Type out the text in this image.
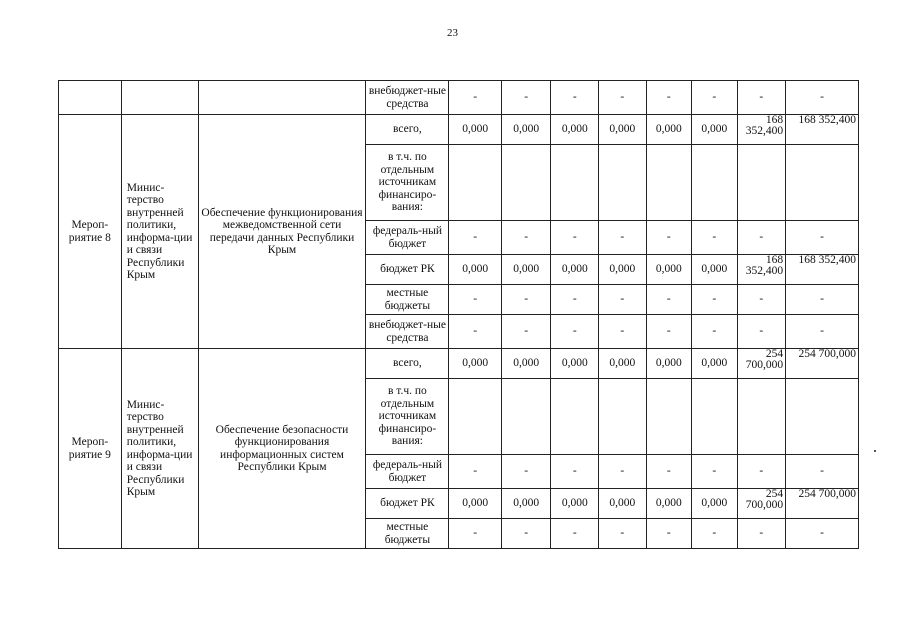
23
			внебюджет-ные средства	-	-	-	-	-	-	-	-
Мероп-риятие 8	Минис-терство внутренней политики, информа-ции и связи Республики Крым	Обеспечение функционирования межведомственной сети передачи данных Республики Крым	всего,	0,000	0,000	0,000	0,000	0,000	0,000	168 352,400	168 352,400
			в т.ч. по отдельным источникам финансиро-вания:								
			федераль-ный бюджет	-	-	-	-	-	-	-	-
			бюджет РК	0,000	0,000	0,000	0,000	0,000	0,000	168 352,400	168 352,400
			местные бюджеты	-	-	-	-	-	-	-	-
			внебюджет-ные средства	-	-	-	-	-	-	-	-
Мероп-риятие 9	Минис-терство внутренней политики, информа-ции и связи Республики Крым	Обеспечение безопасности функционирования информационных систем Республики Крым	всего,	0,000	0,000	0,000	0,000	0,000	0,000	254 700,000	254 700,000
			в т.ч. по отдельным источникам финансиро-вания:								
			федераль-ный бюджет	-	-	-	-	-	-	-	-
			бюджет РК	0,000	0,000	0,000	0,000	0,000	0,000	254 700,000	254 700,000
			местные бюджеты	-	-	-	-	-	-	-	-
